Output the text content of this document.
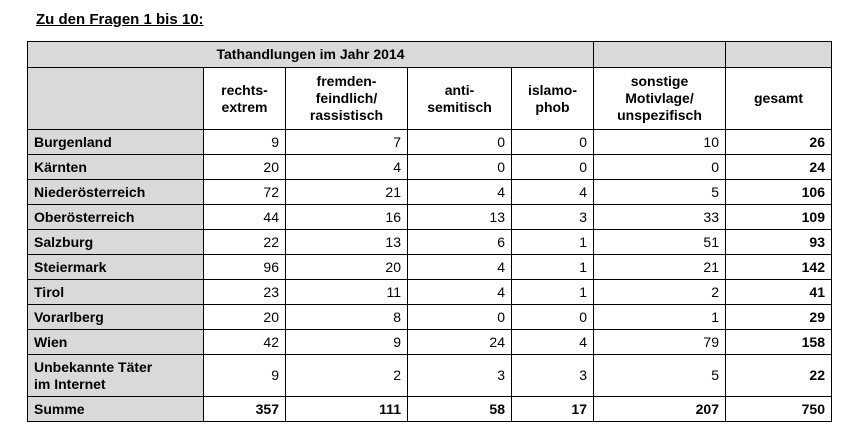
Zu den Fragen 1 bis 10:
Tathandlungen im Jahr 2014						
	rechts-
extrem	fremden-
feindlich/
rassistisch	anti-
semitisch	islamo-
phob	sonstige
Motivlage/
unspezifisch	gesamt
Burgenland	9	7	0	0	10	26
Kärnten	20	4	0	0	0	24
Niederösterreich	72	21	4	4	5	106
Oberösterreich	44	16	13	3	33	109
Salzburg	22	13	6	1	51	93
Steiermark	96	20	4	1	21	142
Tirol	23	11	4	1	2	41
Vorarlberg	20	8	0	0	1	29
Wien	42	9	24	4	79	158
Unbekannte Täter
im Internet	9	2	3	3	5	22
Summe	357	111	58	17	207	750
